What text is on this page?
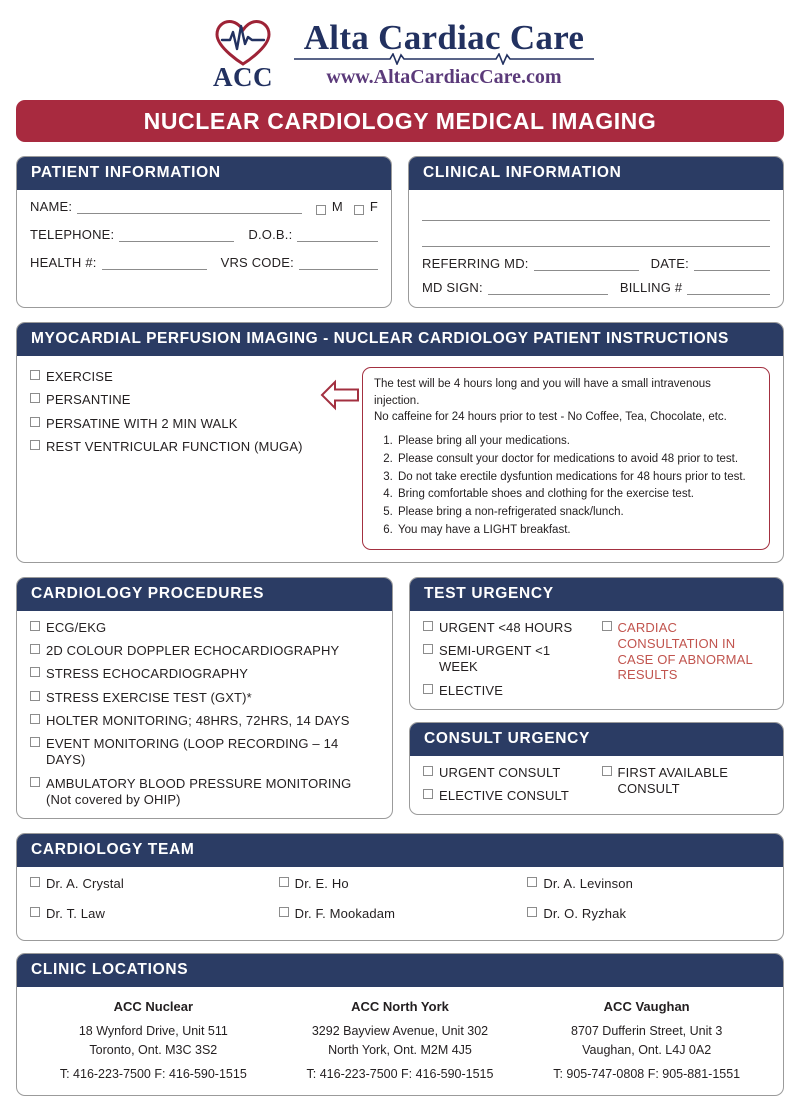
ACC
Alta Cardiac Care
www.AltaCardiacCare.com
NUCLEAR CARDIOLOGY MEDICAL IMAGING
PATIENT INFORMATION
NAME:	M F
TELEPHONE:	D.O.B.:
HEALTH #:	VRS CODE:
CLINICAL INFORMATION
REFERRING MD:	DATE:
MD SIGN:	BILLING #
MYOCARDIAL PERFUSION IMAGING - NUCLEAR CARDIOLOGY PATIENT INSTRUCTIONS
EXERCISE
PERSANTINE
PERSATINE WITH 2 MIN WALK
REST VENTRICULAR FUNCTION (MUGA)
The test will be 4 hours long and you will have a small intravenous injection.
No caffeine for 24 hours prior to test - No Coffee, Tea, Chocolate, etc.
1. Please bring all your medications.
2. Please consult your doctor for medications to avoid 48 prior to test.
3. Do not take erectile dysfuntion medications for 48 hours prior to test.
4. Bring comfortable shoes and clothing for the exercise test.
5. Please bring a non-refrigerated snack/lunch.
6. You may have a LIGHT breakfast.
CARDIOLOGY PROCEDURES
ECG/EKG
2D COLOUR DOPPLER ECHOCARDIOGRAPHY
STRESS ECHOCARDIOGRAPHY
STRESS EXERCISE TEST (GXT)*
HOLTER MONITORING; 48HRS, 72HRS, 14 DAYS
EVENT MONITORING (LOOP RECORDING – 14 DAYS)
AMBULATORY BLOOD PRESSURE MONITORING
(Not covered by OHIP)
TEST URGENCY
URGENT <48 HOURS
SEMI-URGENT <1 WEEK
ELECTIVE
CARDIAC CONSULTATION IN CASE OF ABNORMAL RESULTS
CONSULT URGENCY
URGENT CONSULT
ELECTIVE CONSULT
FIRST AVAILABLE CONSULT
CARDIOLOGY TEAM
Dr. A. Crystal	Dr. E. Ho	Dr. A. Levinson
Dr. T. Law	Dr. F. Mookadam	Dr. O. Ryzhak
CLINIC LOCATIONS
ACC Nuclear
18 Wynford Drive, Unit 511
Toronto, Ont. M3C 3S2
T: 416-223-7500 F: 416-590-1515
ACC North York
3292 Bayview Avenue, Unit 302
North York, Ont. M2M 4J5
T: 416-223-7500 F: 416-590-1515
ACC Vaughan
8707 Dufferin Street, Unit 3
Vaughan, Ont. L4J 0A2
T: 905-747-0808 F: 905-881-1551
